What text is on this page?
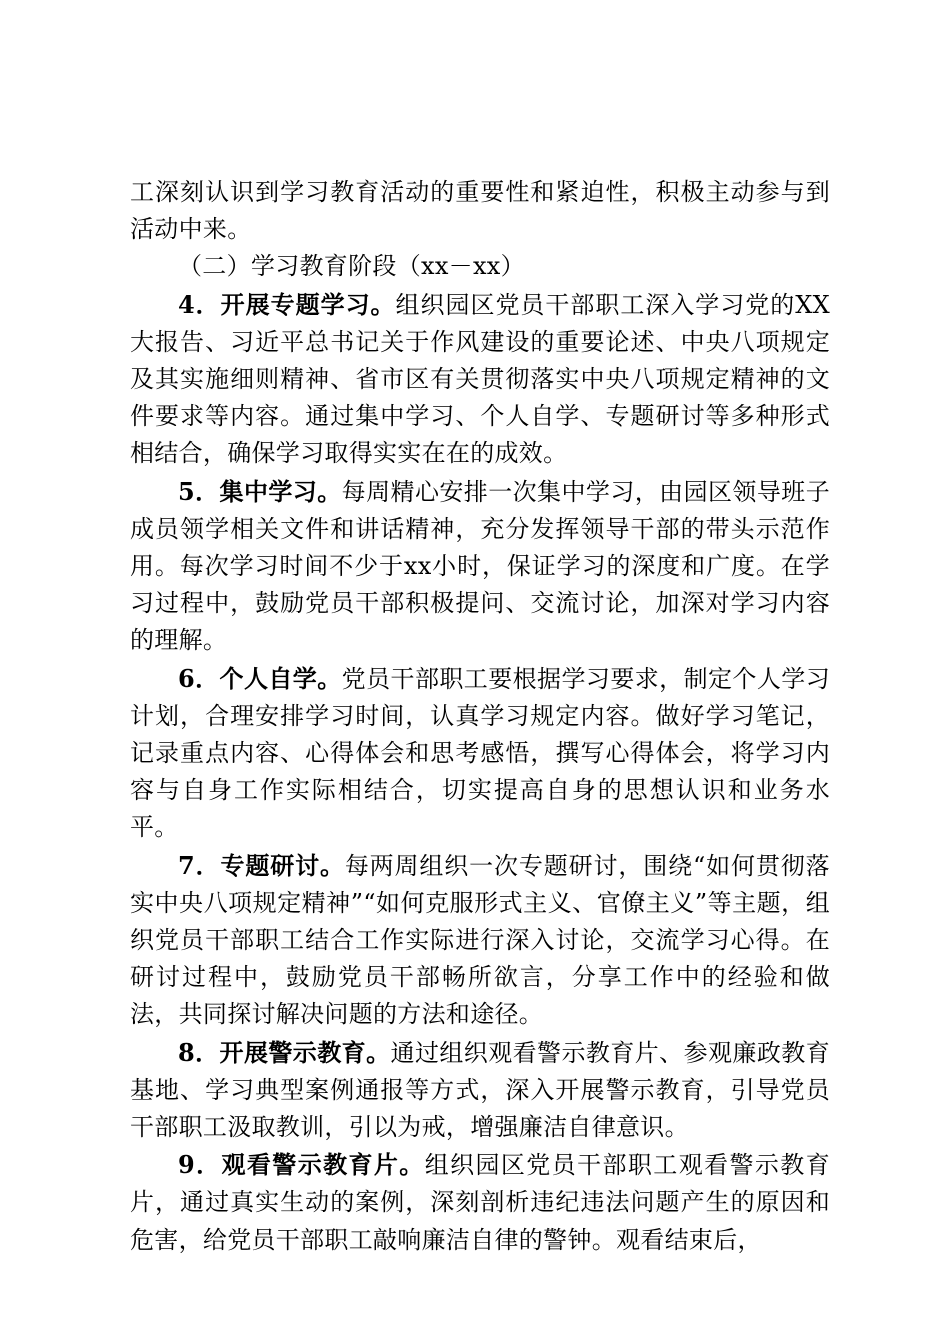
工深刻认识到学习教育活动的重要性和紧迫性，积极主动参与到活动中来。

（二）学习教育阶段（xx－xx）

4．开展专题学习。组织园区党员干部职工深入学习党的XX大报告、习近平总书记关于作风建设的重要论述、中央八项规定及其实施细则精神、省市区有关贯彻落实中央八项规定精神的文件要求等内容。通过集中学习、个人自学、专题研讨等多种形式相结合，确保学习取得实实在在的成效。

5．集中学习。每周精心安排一次集中学习，由园区领导班子成员领学相关文件和讲话精神，充分发挥领导干部的带头示范作用。每次学习时间不少于xx小时，保证学习的深度和广度。在学习过程中，鼓励党员干部积极提问、交流讨论，加深对学习内容的理解。

6．个人自学。党员干部职工要根据学习要求，制定个人学习计划，合理安排学习时间，认真学习规定内容。做好学习笔记，记录重点内容、心得体会和思考感悟，撰写心得体会，将学习内容与自身工作实际相结合，切实提高自身的思想认识和业务水平。

7．专题研讨。每两周组织一次专题研讨，围绕“如何贯彻落实中央八项规定精神”“如何克服形式主义、官僚主义”等主题，组织党员干部职工结合工作实际进行深入讨论，交流学习心得。在研讨过程中，鼓励党员干部畅所欲言，分享工作中的经验和做法，共同探讨解决问题的方法和途径。

8．开展警示教育。通过组织观看警示教育片、参观廉政教育基地、学习典型案例通报等方式，深入开展警示教育，引导党员干部职工汲取教训，引以为戒，增强廉洁自律意识。

9．观看警示教育片。组织园区党员干部职工观看警示教育片，通过真实生动的案例，深刻剖析违纪违法问题产生的原因和危害，给党员干部职工敲响廉洁自律的警钟。观看结束后，
